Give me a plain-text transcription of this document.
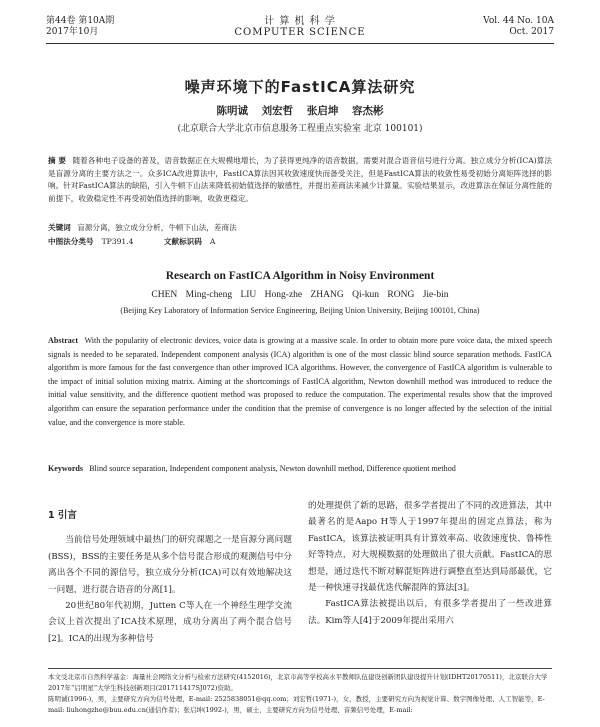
第44卷 第10A期
2017年10月
计 算 机 科 学
COMPUTER SCIENCE
Vol. 44 No. 10A
Oct. 2017
噪声环境下的FastICA算法研究
陈明诚 刘宏哲 张启坤 容杰彬
(北京联合大学北京市信息服务工程重点实验室 北京 100101)
摘 要 随着各种电子设备的普及，语音数据正在大规模地增长，为了获得更纯净的语音数据，需要对混合语音信号进行分离。独立成分分析(ICA)算法是盲源分离的主要方法之一。众多ICA改进算法中，FastICA算法因其收敛速度快而备受关注，但是FastICA算法的收敛性易受初始分离矩阵选择的影响。针对FastICA算法的缺陷，引入牛顿下山法来降低初始值选择的敏感性，并提出差商法来减少计算量。实验结果显示，改进算法在保证分离性能的前提下，收敛稳定性不再受初始值选择的影响，收敛更稳定。
关键词 盲源分离，独立成分分析，牛顿下山法，差商法
中图法分类号 TP391.4	文献标识码 A
Research on FastICA Algorithm in Noisy Environment
CHEN Ming-cheng LIU Hong-zhe ZHANG Qi-kun RONG Jie-bin
(Beijing Key Laboratory of Information Service Engineering, Beijing Union University, Beijing 100101, China)
Abstract With the popularity of electronic devices, voice data is growing at a massive scale. In order to obtain more pure voice data, the mixed speech signals is needed to be separated. Independent component analysis (ICA) algorithm is one of the most classic blind source separation methods. FastICA algorithm is more famous for the fast convergence than other improved ICA algorithms. However, the convergence of FastICA algorithm is vulnerable to the impact of initial solution mixing matrix. Aiming at the shortcomings of FastICA algorithm, Newton downhill method was introduced to reduce the initial value sensitivity, and the difference quotient method was proposed to reduce the computation. The experimental results show that the improved algorithm can ensure the separation performance under the condition that the premise of convergence is no longer affected by the selection of the initial value, and the convergence is more stable.
Keywords Blind source separation, Independent component analysis, Newton downhill method, Difference quotient method
1 引言

当前信号处理领域中最热门的研究课题之一是盲源分离问题(BSS)，BSS的主要任务是从多个信号混合形成的观测信号中分离出各个不同的源信号，独立成分分析(ICA)可以有效地解决这一问题，进行混合语音的分离[1]。

20世纪80年代初期，Jutten C等人在一个神经生理学交流会议上首次提出了ICA技术原理，成功分离出了两个混合信号[2]。ICA的出现为多种信号

的处理提供了新的思路，很多学者提出了不同的改进算法，其中最著名的是Aapo H等人于1997年提出的固定点算法，称为FastICA，该算法被证明具有计算效率高、收敛速度快、鲁棒性好等特点，对大规模数据的处理做出了很大贡献。FastICA的思想是，通过迭代不断对解混矩阵进行调整直至达到局部最优，它是一种快速寻找最优迭代解混阵的算法[3]。

FastICA算法被提出以后，有很多学者提出了一些改进算法。Kim等人[4]于2009年提出采用六

本文受北京市自然科学基金：海量社会网络文分析与检索方法研究(4152016)，北京市高等学校高水平教师队伍建设创新团队建设提升计划(IDHT20170511)，北京联合大学2017年“启明星”大学生科技创新项目(201711417SJ072)资助。

陈明诚(1996-)，男，主要研究方向为信号处理，E-mail: 2525838051@qq.com；刘宏哲(1971-)，女，教授，主要研究方向为视觉计算、数字图像处理、人工智能等，E-mail: liuhongzhe@buu.edu.cn(通信作者)；张启坤(1992-)，男，硕士，主要研究方向为信号处理、音频信号处理，E-mail:
